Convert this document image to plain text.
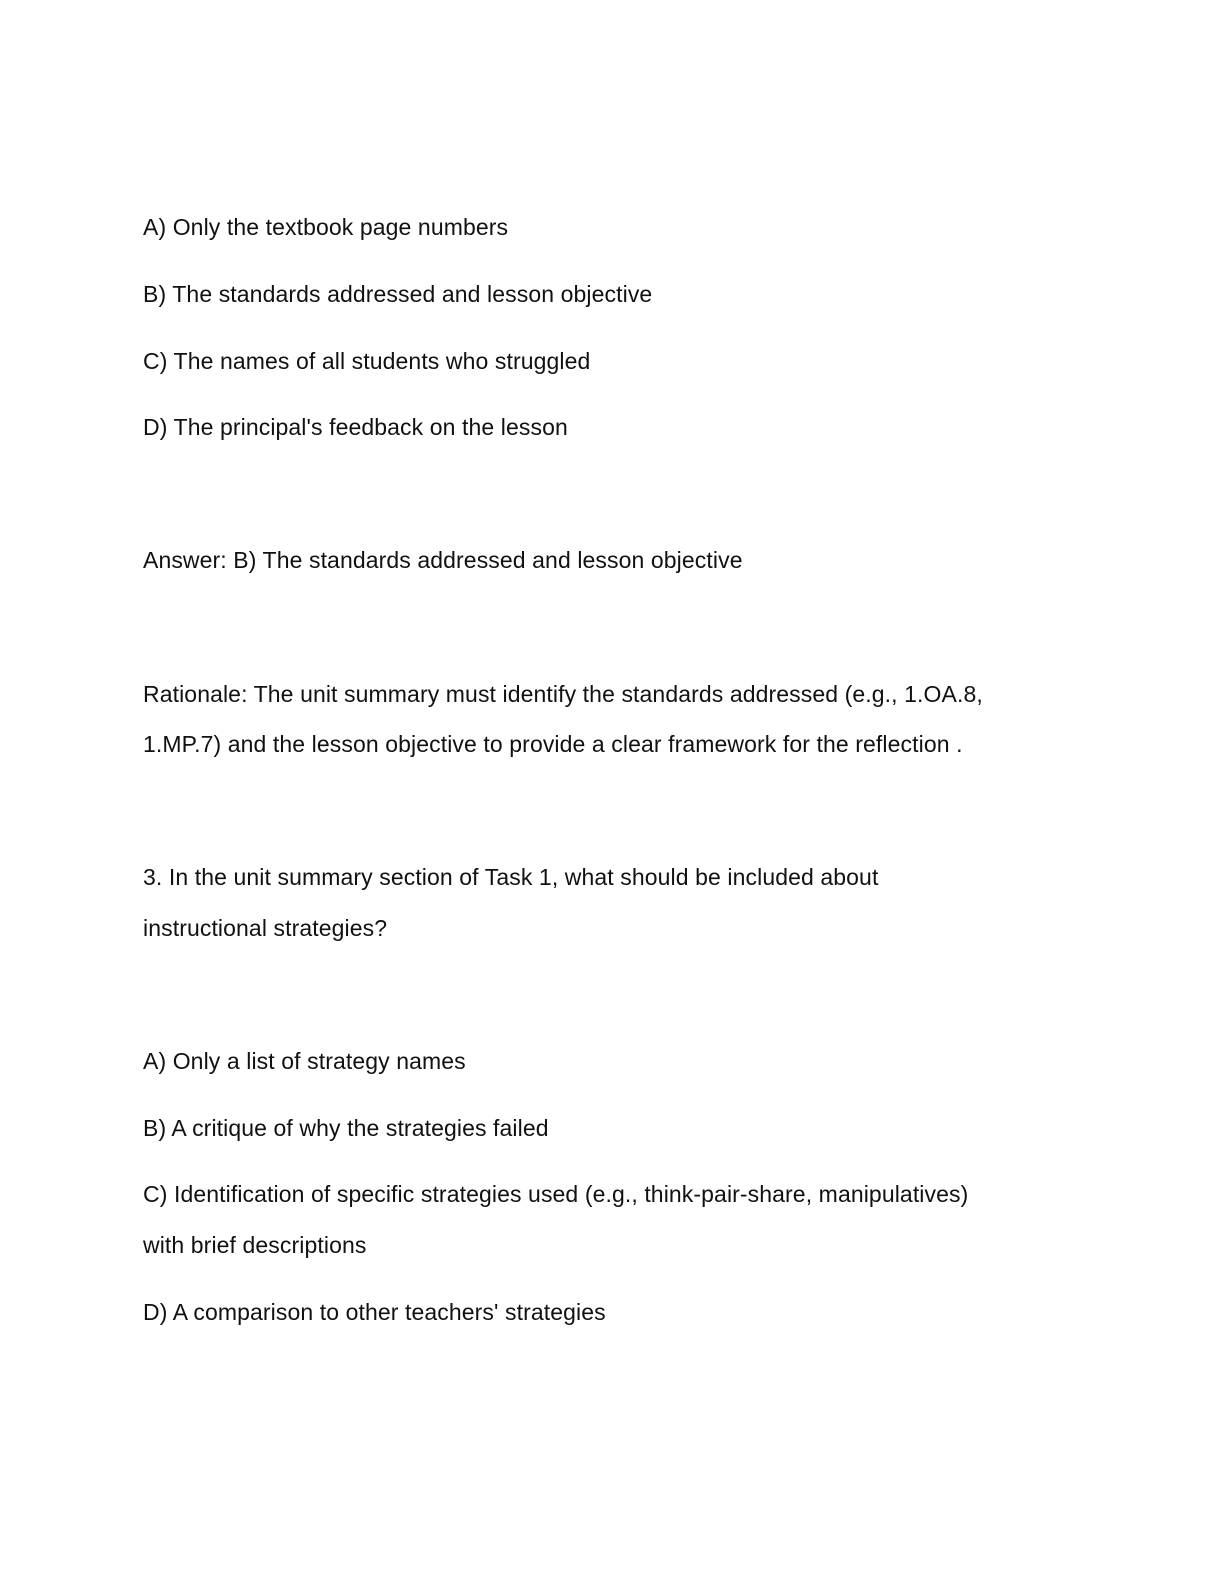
A) Only the textbook page numbers
B) The standards addressed and lesson objective
C) The names of all students who struggled
D) The principal's feedback on the lesson
Answer: B) The standards addressed and lesson objective
Rationale: The unit summary must identify the standards addressed (e.g., 1.OA.8,
1.MP.7) and the lesson objective to provide a clear framework for the reflection .
3. In the unit summary section of Task 1, what should be included about
instructional strategies?
A) Only a list of strategy names
B) A critique of why the strategies failed
C) Identification of specific strategies used (e.g., think-pair-share, manipulatives)
with brief descriptions
D) A comparison to other teachers' strategies
